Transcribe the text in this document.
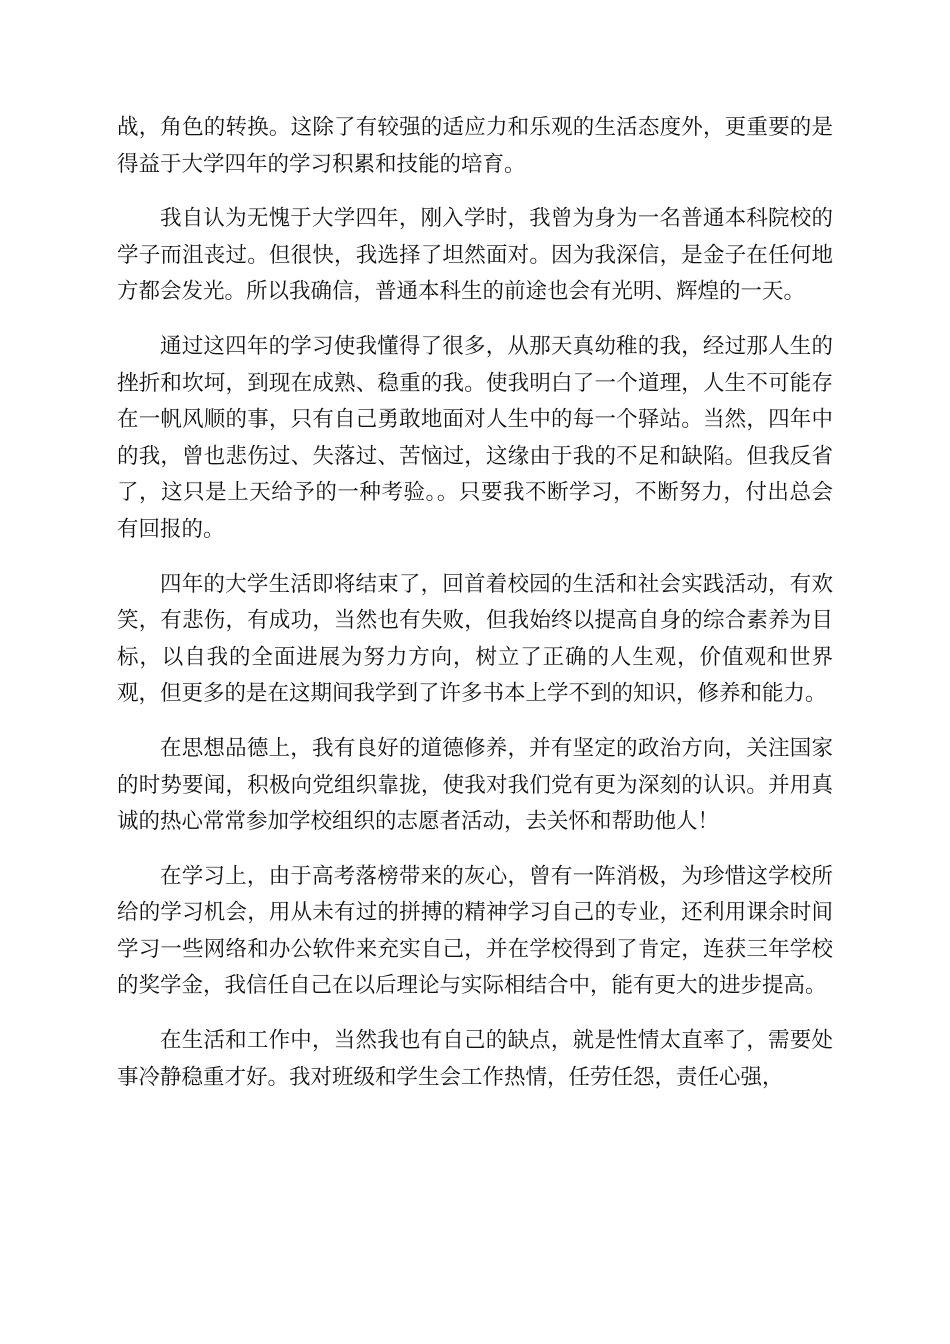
战，角色的转换。这除了有较强的适应力和乐观的生活态度外，更重要的是得益于大学四年的学习积累和技能的培育。

我自认为无愧于大学四年，刚入学时，我曾为身为一名普通本科院校的学子而沮丧过。但很快，我选择了坦然面对。因为我深信，是金子在任何地方都会发光。所以我确信，普通本科生的前途也会有光明、辉煌的一天。

通过这四年的学习使我懂得了很多，从那天真幼稚的我，经过那人生的挫折和坎坷，到现在成熟、稳重的我。使我明白了一个道理，人生不可能存在一帆风顺的事，只有自己勇敢地面对人生中的每一个驿站。当然，四年中的我，曾也悲伤过、失落过、苦恼过，这缘由于我的不足和缺陷。但我反省了，这只是上天给予的一种考验。。只要我不断学习，不断努力，付出总会有回报的。

四年的大学生活即将结束了，回首着校园的生活和社会实践活动，有欢笑，有悲伤，有成功，当然也有失败，但我始终以提高自身的综合素养为目标，以自我的全面进展为努力方向，树立了正确的人生观，价值观和世界观，但更多的是在这期间我学到了许多书本上学不到的知识，修养和能力。

在思想品德上，我有良好的道德修养，并有坚定的政治方向，关注国家的时势要闻，积极向党组织靠拢，使我对我们党有更为深刻的认识。并用真诚的热心常常参加学校组织的志愿者活动，去关怀和帮助他人！

在学习上，由于高考落榜带来的灰心，曾有一阵消极，为珍惜这学校所给的学习机会，用从未有过的拼搏的精神学习自己的专业，还利用课余时间学习一些网络和办公软件来充实自己，并在学校得到了肯定，连获三年学校的奖学金，我信任自己在以后理论与实际相结合中，能有更大的进步提高。

在生活和工作中，当然我也有自己的缺点，就是性情太直率了，需要处事冷静稳重才好。我对班级和学生会工作热情，任劳任怨，责任心强，
